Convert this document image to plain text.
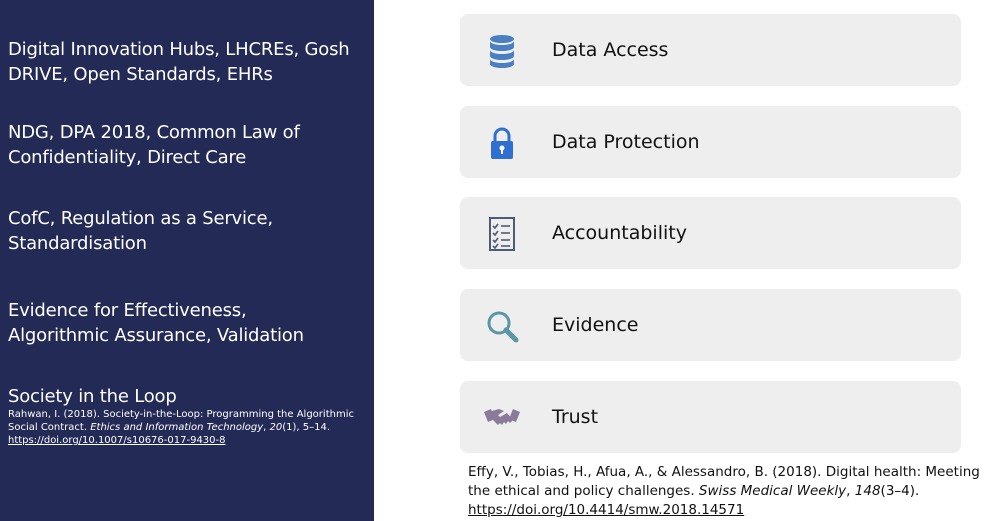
Digital Innovation Hubs, LHCREs, Gosh DRIVE, Open Standards, EHRs
NDG, DPA 2018, Common Law of Confidentiality, Direct Care
CofC, Regulation as a Service, Standardisation
Evidence for Effectiveness, Algorithmic Assurance, Validation
Society in the Loop
Rahwan, I. (2018). Society-in-the-Loop: Programming the Algorithmic Social Contract. Ethics and Information Technology, 20(1), 5–14. https://doi.org/10.1007/s10676-017-9430-8
Data Access
Data Protection
Accountability
Evidence
Trust
Effy, V., Tobias, H., Afua, A., & Alessandro, B. (2018). Digital health: Meeting the ethical and policy challenges. Swiss Medical Weekly, 148(3–4). https://doi.org/10.4414/smw.2018.14571
